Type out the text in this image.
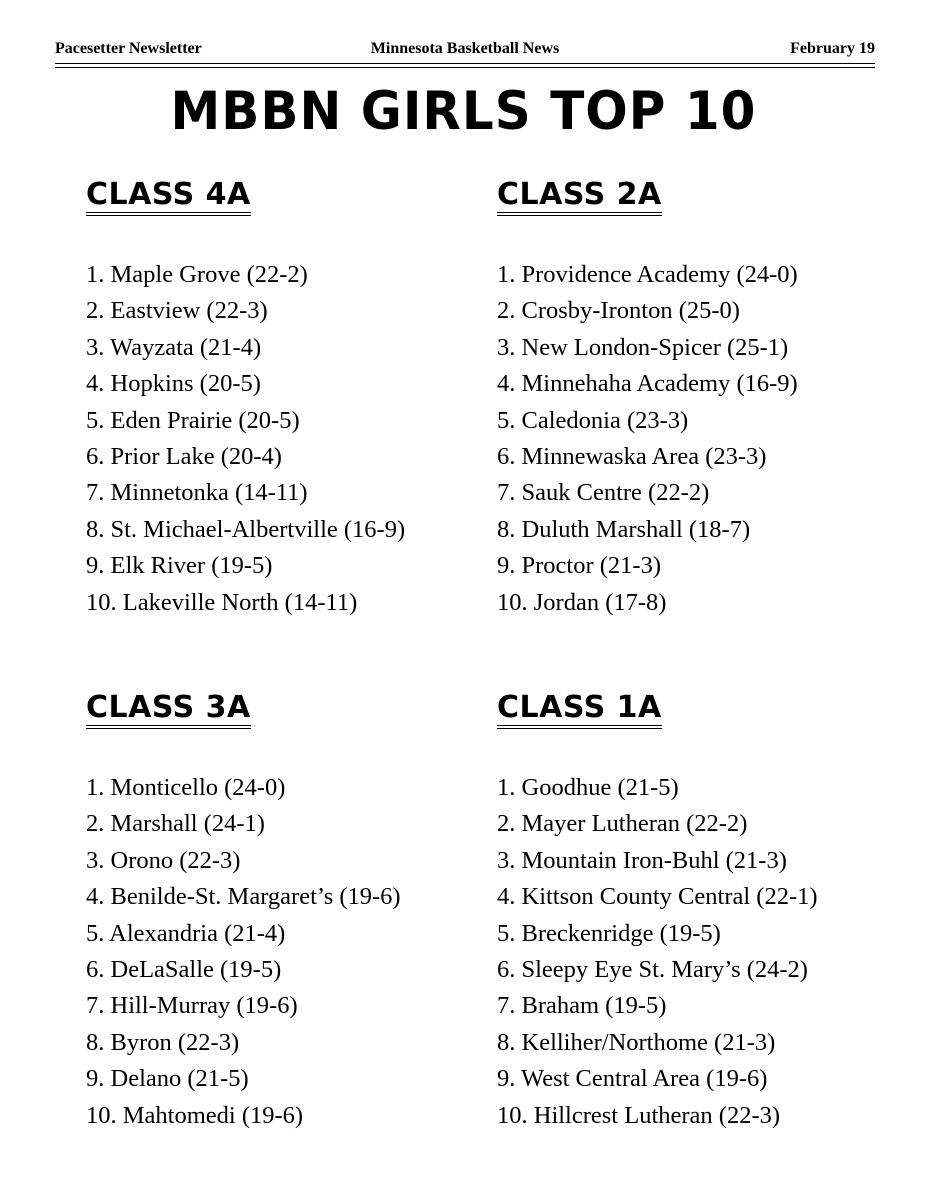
Pacesetter Newsletter	Minnesota Basketball News	February 19
MBBN GIRLS TOP 10
CLASS 4A
1. Maple Grove (22-2)
2. Eastview (22-3)
3. Wayzata (21-4)
4. Hopkins (20-5)
5. Eden Prairie (20-5)
6. Prior Lake (20-4)
7. Minnetonka (14-11)
8. St. Michael-Albertville (16-9)
9. Elk River (19-5)
10. Lakeville North (14-11)
CLASS 2A
1. Providence Academy (24-0)
2. Crosby-Ironton (25-0)
3. New London-Spicer (25-1)
4. Minnehaha Academy (16-9)
5. Caledonia (23-3)
6. Minnewaska Area (23-3)
7. Sauk Centre (22-2)
8. Duluth Marshall (18-7)
9. Proctor (21-3)
10. Jordan (17-8)
CLASS 3A
1. Monticello (24-0)
2. Marshall (24-1)
3. Orono (22-3)
4. Benilde-St. Margaret’s (19-6)
5. Alexandria (21-4)
6. DeLaSalle (19-5)
7. Hill-Murray (19-6)
8. Byron (22-3)
9. Delano (21-5)
10. Mahtomedi (19-6)
CLASS 1A
1. Goodhue (21-5)
2. Mayer Lutheran (22-2)
3. Mountain Iron-Buhl (21-3)
4. Kittson County Central (22-1)
5. Breckenridge (19-5)
6. Sleepy Eye St. Mary’s (24-2)
7. Braham (19-5)
8. Kelliher/Northome (21-3)
9. West Central Area (19-6)
10. Hillcrest Lutheran (22-3)
